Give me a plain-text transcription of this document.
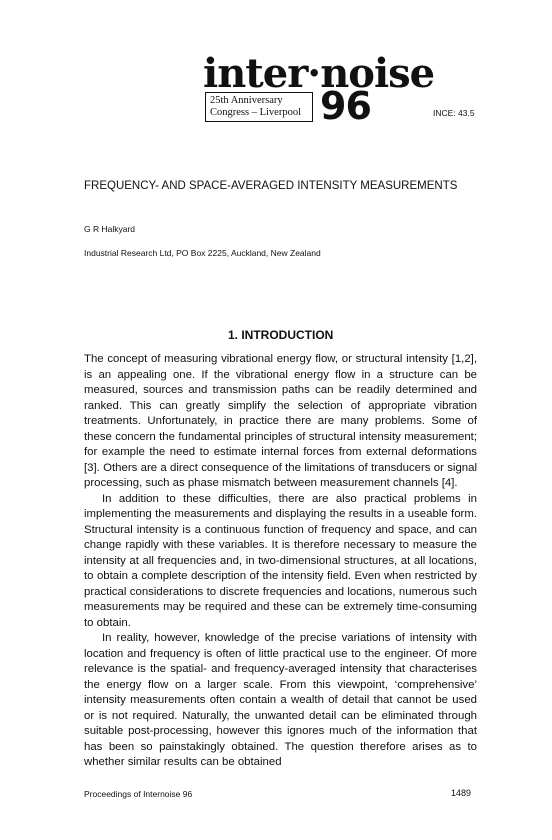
inter·noise
25th Anniversary
Congress – Liverpool 96	INCE: 43.5
FREQUENCY- AND SPACE-AVERAGED INTENSITY MEASUREMENTS
G R Halkyard
Industrial Research Ltd, PO Box 2225, Auckland, New Zealand
1. INTRODUCTION

The concept of measuring vibrational energy flow, or structural intensity [1,2], is an appealing one. If the vibrational energy flow in a structure can be measured, sources and transmission paths can be readily determined and ranked. This can greatly simplify the selection of appropriate vibration treatments. Unfortunately, in practice there are many problems. Some of these concern the fundamental principles of structural intensity measurement; for example the need to estimate internal forces from external deformations [3]. Others are a direct consequence of the limitations of transducers or signal processing, such as phase mismatch between measurement channels [4].

In addition to these difficulties, there are also practical problems in implementing the measurements and displaying the results in a useable form. Structural intensity is a continuous function of frequency and space, and can change rapidly with these variables. It is therefore necessary to measure the intensity at all frequencies and, in two-dimensional structures, at all locations, to obtain a complete description of the intensity field. Even when restricted by practical considerations to discrete frequencies and locations, numerous such measurements may be required and these can be extremely time-consuming to obtain.

In reality, however, knowledge of the precise variations of intensity with location and frequency is often of little practical use to the engineer. Of more relevance is the spatial- and frequency-averaged intensity that characterises the energy flow on a larger scale. From this viewpoint, ‘comprehensive’ intensity measurements often contain a wealth of detail that cannot be used or is not required. Naturally, the unwanted detail can be eliminated through suitable post-processing, however this ignores much of the information that has been so painstakingly obtained. The question therefore arises as to whether similar results can be obtained

Proceedings of Internoise 96	1489
